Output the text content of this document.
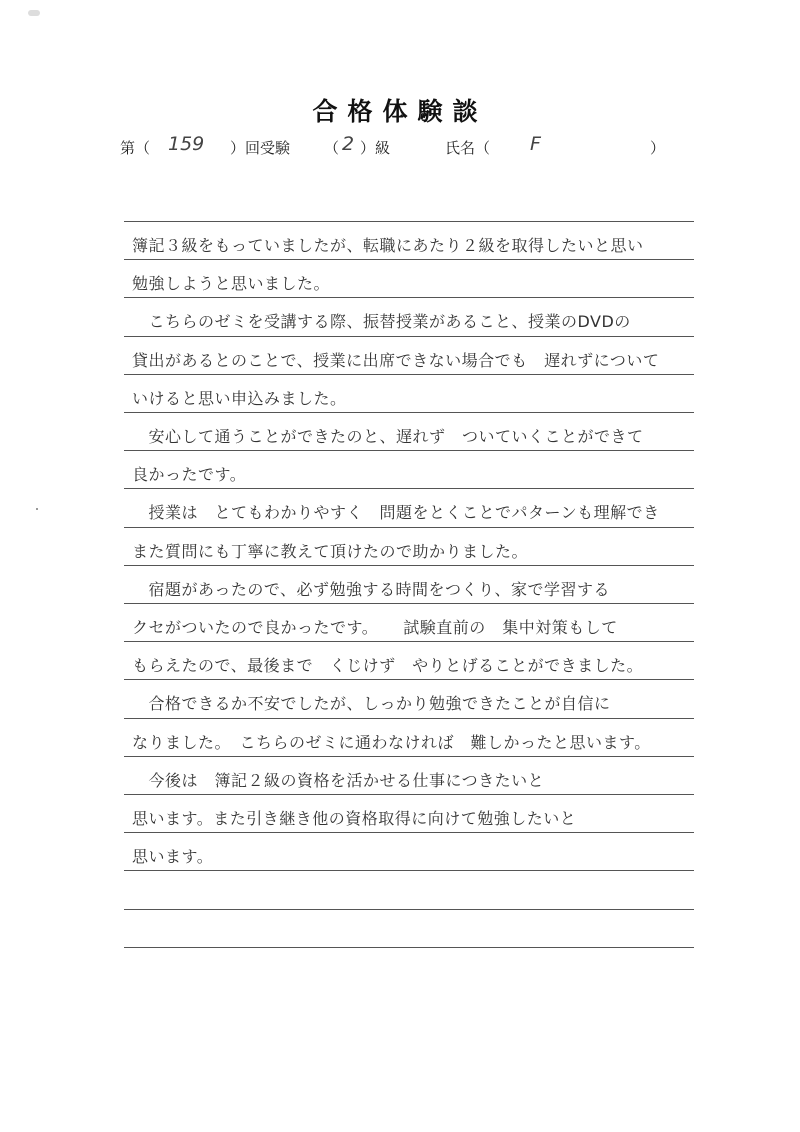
合格体験談
第（ 159 ）回受験 （ 2 ）級	氏名（ F	）
簿記３級をもっていましたが、転職にあたり２級を取得したいと思い
勉強しようと思いました。
　こちらのゼミを受講する際、振替授業があること、授業のDVDの
貸出があるとのことで、授業に出席できない場合でも　遅れずについて
いけると思い申込みました。
　安心して通うことができたのと、遅れず　ついていくことができて
良かったです。
　授業は　とてもわかりやすく　問題をとくことでパターンも理解でき
また質問にも丁寧に教えて頂けたので助かりました。
　宿題があったので、必ず勉強する時間をつくり、家で学習する
クセがついたので良かったです。　　試験直前の　集中対策もして
もらえたので、最後まで　くじけず　やりとげることができました。
　合格できるか不安でしたが、しっかり勉強できたことが自信に
なりました。　こちらのゼミに通わなければ　難しかったと思います。
　今後は　簿記２級の資格を活かせる仕事につきたいと
思います。また引き継き他の資格取得に向けて勉強したいと
思います。
